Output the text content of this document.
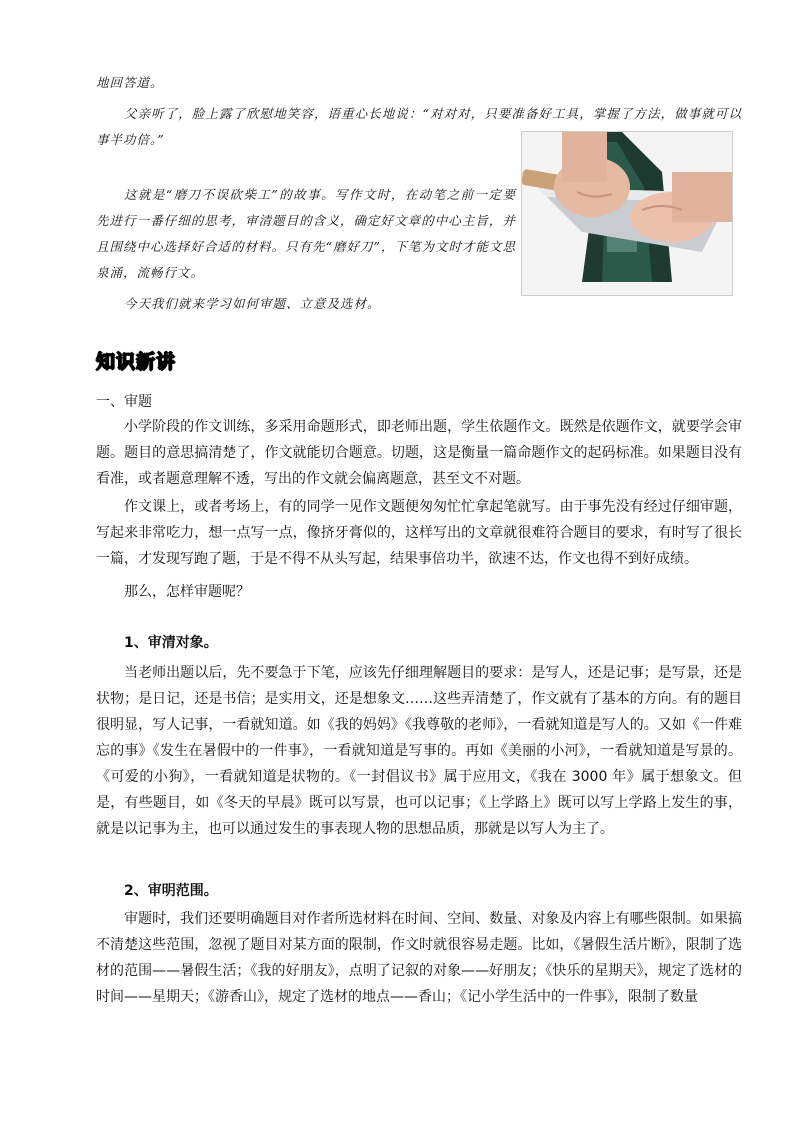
地回答道。
父亲听了，脸上露了欣慰地笑容，语重心长地说：“对对对，只要准备好工具，掌握了方法，做事就可以事半功倍。”
这就是“磨刀不误砍柴工”的故事。写作文时，在动笔之前一定要先进行一番仔细的思考，审清题目的含义，确定好文章的中心主旨，并且围绕中心选择好合适的材料。只有先“磨好刀”，下笔为文时才能文思泉涌，流畅行文。
今天我们就来学习如何审题、立意及选材。
知识新讲
一、审题
小学阶段的作文训练，多采用命题形式，即老师出题，学生依题作文。既然是依题作文，就要学会审题。题目的意思搞清楚了，作文就能切合题意。切题，这是衡量一篇命题作文的起码标准。如果题目没有看准，或者题意理解不透，写出的作文就会偏离题意，甚至文不对题。
作文课上，或者考场上，有的同学一见作文题便匆匆忙忙拿起笔就写。由于事先没有经过仔细审题，写起来非常吃力，想一点写一点，像挤牙膏似的，这样写出的文章就很难符合题目的要求，有时写了很长一篇，才发现写跑了题，于是不得不从头写起，结果事倍功半，欲速不达，作文也得不到好成绩。
那么，怎样审题呢？
1、审清对象。
当老师出题以后，先不要急于下笔，应该先仔细理解题目的要求：是写人，还是记事；是写景，还是状物；是日记，还是书信；是实用文，还是想象文……这些弄清楚了，作文就有了基本的方向。有的题目很明显，写人记事，一看就知道。如《我的妈妈》《我尊敬的老师》，一看就知道是写人的。又如《一件难忘的事》《发生在暑假中的一件事》，一看就知道是写事的。再如《美丽的小河》，一看就知道是写景的。《可爱的小狗》，一看就知道是状物的。《一封倡议书》属于应用文，《我在 3000 年》属于想象文。但是，有些题目，如《冬天的早晨》既可以写景，也可以记事；《上学路上》既可以写上学路上发生的事，就是以记事为主，也可以通过发生的事表现人物的思想品质，那就是以写人为主了。
2、审明范围。
审题时，我们还要明确题目对作者所选材料在时间、空间、数量、对象及内容上有哪些限制。如果搞不清楚这些范围，忽视了题目对某方面的限制，作文时就很容易走题。比如，《暑假生活片断》，限制了选材的范围——暑假生活；《我的好朋友》，点明了记叙的对象——好朋友；《快乐的星期天》，规定了选材的时间——星期天；《游香山》，规定了选材的地点——香山；《记小学生活中的一件事》，限制了数量
